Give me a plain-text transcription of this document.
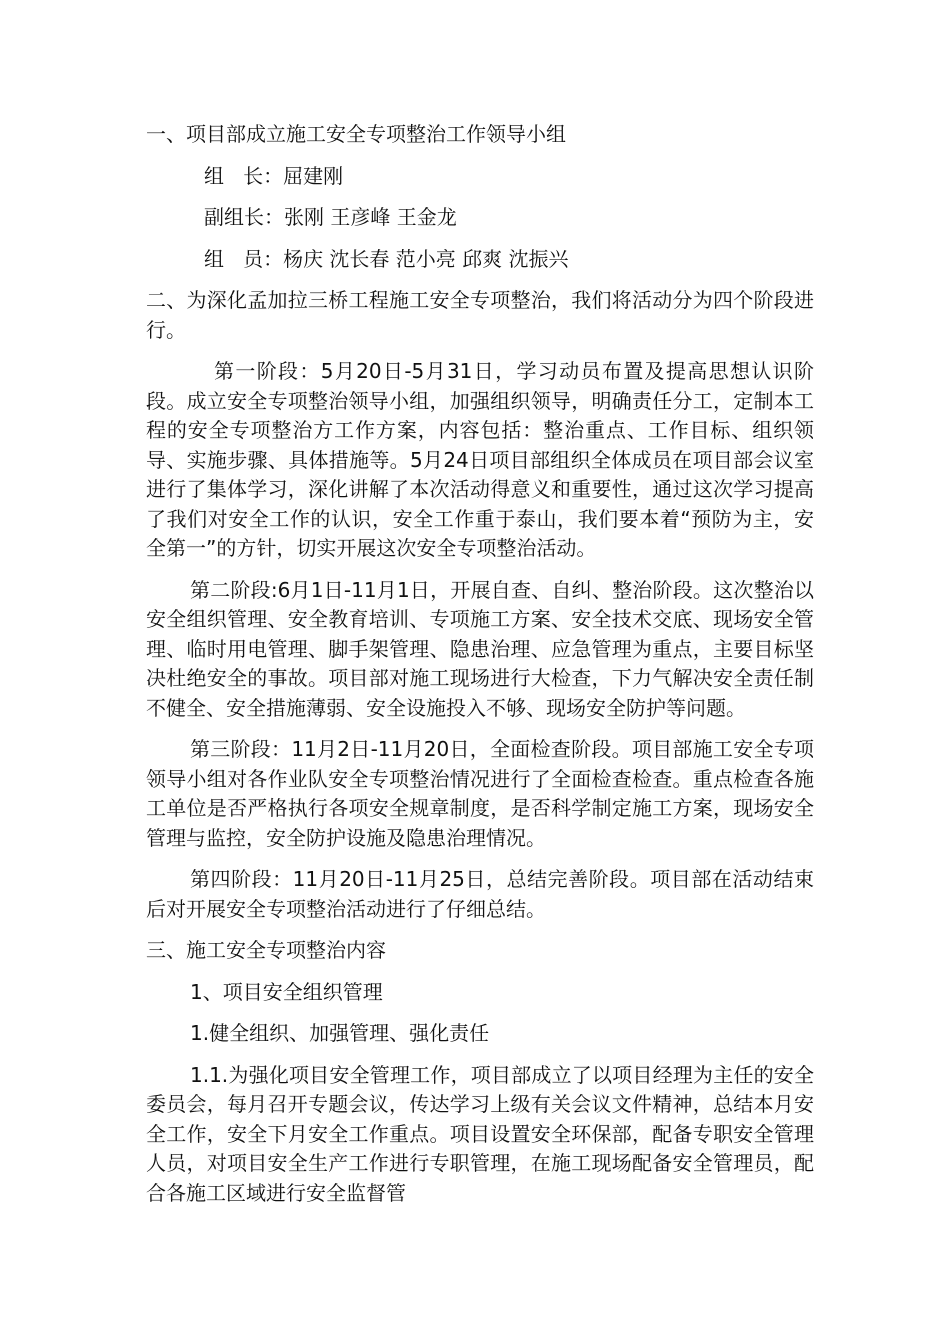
一、项目部成立施工安全专项整治工作领导小组
组   长：屈建刚
副组长：张刚 王彦峰 王金龙
组   员：杨庆 沈长春 范小亮 邱爽 沈振兴
二、为深化孟加拉三桥工程施工安全专项整治，我们将活动分为四个阶段进行。
第一阶段：5月20日-5月31日，学习动员布置及提高思想认识阶段。成立安全专项整治领导小组，加强组织领导，明确责任分工，定制本工程的安全专项整治方工作方案，内容包括：整治重点、工作目标、组织领导、实施步骤、具体措施等。5月24日项目部组织全体成员在项目部会议室进行了集体学习，深化讲解了本次活动得意义和重要性，通过这次学习提高了我们对安全工作的认识，安全工作重于泰山，我们要本着“预防为主，安全第一”的方针，切实开展这次安全专项整治活动。
第二阶段:6月1日-11月1日，开展自查、自纠、整治阶段。这次整治以安全组织管理、安全教育培训、专项施工方案、安全技术交底、现场安全管理、临时用电管理、脚手架管理、隐患治理、应急管理为重点，主要目标坚决杜绝安全的事故。项目部对施工现场进行大检查，下力气解决安全责任制不健全、安全措施薄弱、安全设施投入不够、现场安全防护等问题。
第三阶段：11月2日-11月20日，全面检查阶段。项目部施工安全专项领导小组对各作业队安全专项整治情况进行了全面检查检查。重点检查各施工单位是否严格执行各项安全规章制度，是否科学制定施工方案，现场安全管理与监控，安全防护设施及隐患治理情况。
第四阶段：11月20日-11月25日，总结完善阶段。项目部在活动结束后对开展安全专项整治活动进行了仔细总结。
三、施工安全专项整治内容
1、项目安全组织管理
1.健全组织、加强管理、强化责任
1.1.为强化项目安全管理工作，项目部成立了以项目经理为主任的安全委员会，每月召开专题会议，传达学习上级有关会议文件精神，总结本月安全工作，安全下月安全工作重点。项目设置安全环保部，配备专职安全管理人员，对项目安全生产工作进行专职管理，在施工现场配备安全管理员，配合各施工区域进行安全监督管
